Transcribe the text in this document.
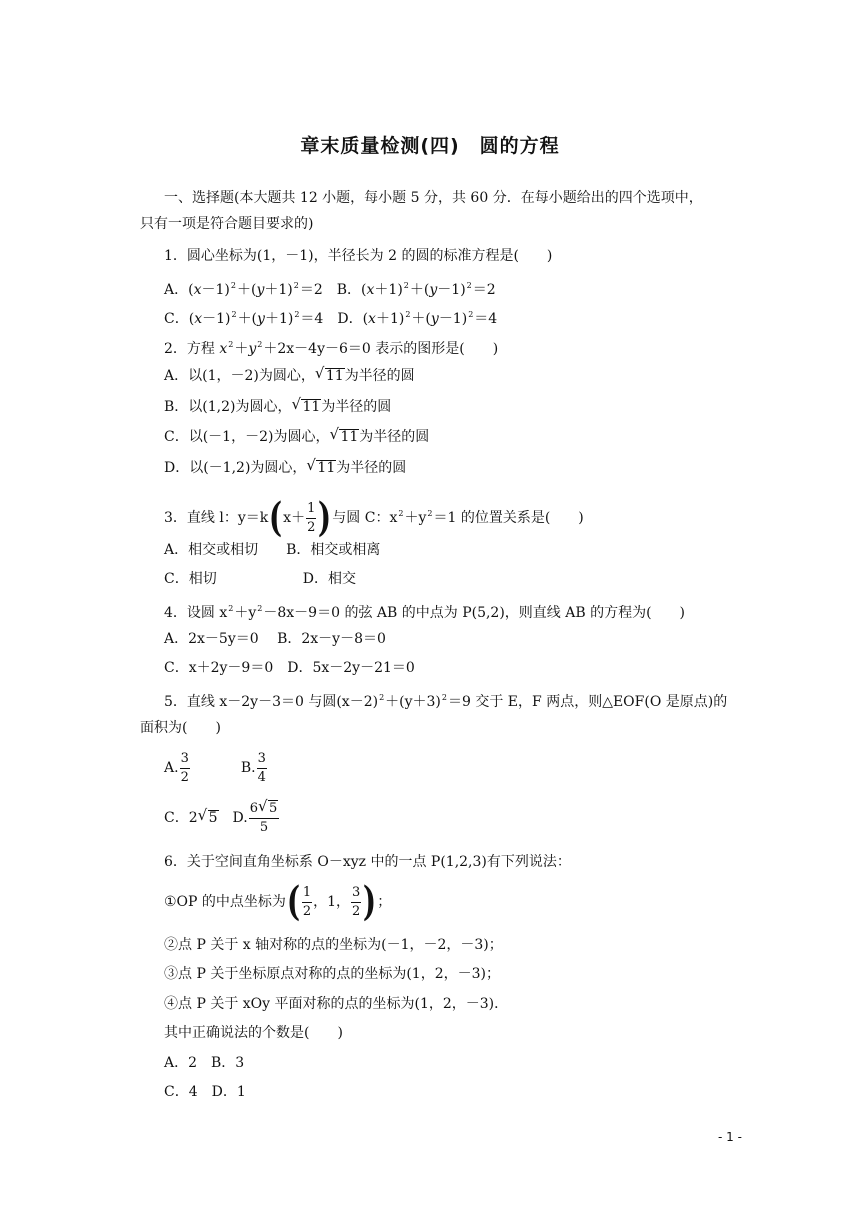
章末质量检测(四)　圆的方程
一、选择题(本大题共 12 小题，每小题 5 分，共 60 分．在每小题给出的四个选项中，
只有一项是符合题目要求的)
1．圆心坐标为(1，－1)，半径长为 2 的圆的标准方程是(　　)
A．$(x-1)^2+(y+1)^2=2$　 B．$(x+1)^2+(y-1)^2=2$
C．$(x-1)^2+(y+1)^2=4$　 D．$(x+1)^2+(y-1)^2=4$
2．方程 $x^2+y^2+2x-4y-6=0$ 表示的图形是(　　)
A．以(1，－2)为圆心， √ 11为半径的圆
B．以(1,2)为圆心， √ 11为半径的圆
C．以(－1，－2)为圆心， √ 11为半径的圆
D．以(－1,2)为圆心， √ 11为半径的圆
3．直线 l：$y=k(x+ \frac{1}{2}$ )与圆 C：$x^2+y^2=1$ 的位置关系是(　　)
A．相交或相切　　B．相交或相离
C．相切	D．相交
4．设圆 $x^2+y^2-8x-9=0$ 的弦 AB 的中点为 P(5,2)，则直线 AB 的方程为(　　)
A．2x－5y＝0　 B．2x－y－8＝0
C．x＋2y－9＝0　D．5x－2y－21＝0
5．直线 x－2y－3＝0 与圆$(x-2)^2+(y+3)^2=9$ 交于 E，F 两点，则△EOF(O 是原点)的
面积为(　　)
A. $\frac{3}{2}$	B. $\frac{3}{4}$
C．2 √ 5　 D. $\frac{6 √ 5}{5}$
6．关于空间直角坐标系 O－xyz 中的一点 P(1,2,3)有下列说法：
①OP 的中点坐标为( $\frac{1}{2}$ ，1， $\frac{3}{2}$ )；
②点 P 关于 x 轴对称的点的坐标为(－1，－2，－3)；
③点 P 关于坐标原点对称的点的坐标为(1，2，－3)；
④点 P 关于 xOy 平面对称的点的坐标为(1，2，－3)．
其中正确说法的个数是(　　)
A．2　B．3
C．4　D．1
- 1 -
